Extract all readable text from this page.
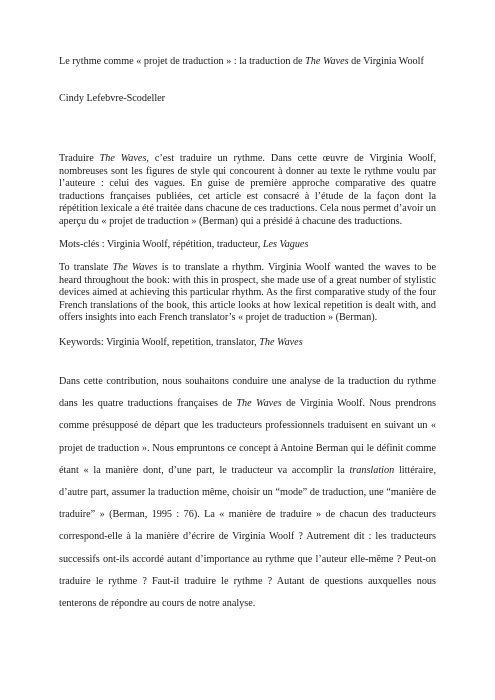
Le rythme comme « projet de traduction » : la traduction de The Waves de Virginia Woolf

Cindy Lefebvre-Scodeller

Traduire The Waves, c’est traduire un rythme. Dans cette œuvre de Virginia Woolf, nombreuses sont les figures de style qui concourent à donner au texte le rythme voulu par l’auteure : celui des vagues. En guise de première approche comparative des quatre traductions françaises publiées, cet article est consacré à l’étude de la façon dont la répétition lexicale a été traitée dans chacune de ces traductions. Cela nous permet d’avoir un aperçu du « projet de traduction » (Berman) qui a présidé à chacune des traductions.

Mots-clés : Virginia Woolf, répétition, traducteur, Les Vagues

To translate The Waves is to translate a rhythm. Virginia Woolf wanted the waves to be heard throughout the book: with this in prospect, she made use of a great number of stylistic devices aimed at achieving this particular rhythm. As the first comparative study of the four French translations of the book, this article looks at how lexical repetition is dealt with, and offers insights into each French translator’s « projet de traduction » (Berman).

Keywords: Virginia Woolf, repetition, translator, The Waves

Dans cette contribution, nous souhaitons conduire une analyse de la traduction du rythme dans les quatre traductions françaises de The Waves de Virginia Woolf. Nous prendrons comme présupposé de départ que les traducteurs professionnels traduisent en suivant un « projet de traduction ». Nous empruntons ce concept à Antoine Berman qui le définit comme étant « la manière dont, d’une part, le traducteur va accomplir la translation littéraire, d’autre part, assumer la traduction même, choisir un “mode” de traduction, une “manière de traduire” » (Berman, 1995 : 76). La « manière de traduire » de chacun des traducteurs correspond-elle à la manière d’écrire de Virginia Woolf ? Autrement dit : les traducteurs successifs ont-ils accordé autant d’importance au rythme que l’auteur elle-même ? Peut-on traduire le rythme ? Faut-il traduire le rythme ? Autant de questions auxquelles nous tenterons de répondre au cours de notre analyse.
